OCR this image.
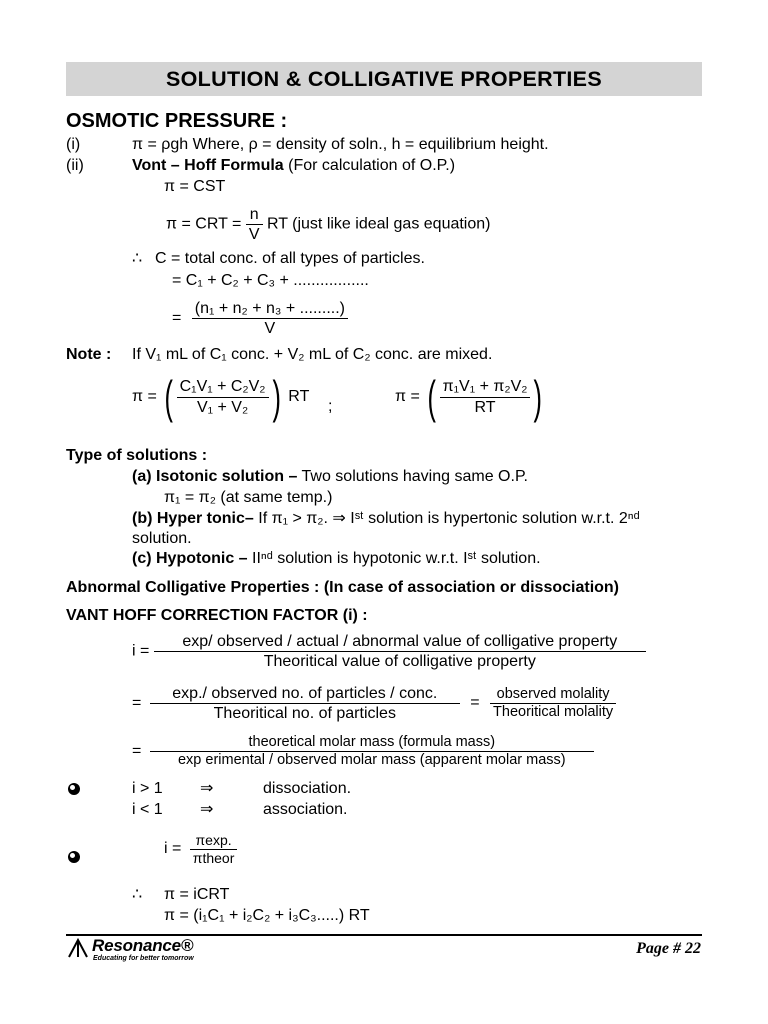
SOLUTION & COLLIGATIVE PROPERTIES
OSMOTIC PRESSURE :
(i)	π = ρgh Where, ρ = density of soln., h = equilibrium height.
(ii)	Vont – Hoff Formula (For calculation of O.P.)
π = CST
π = CRT = $\frac{n}{V}$ RT (just like ideal gas equation)
∴ C = total conc. of all types of particles.
= C₁ + C₂ + C₃ + .................
= $\frac{\text{(n₁ + n₂ + n₃ + .........)}}{V}$
Note : If V₁ mL of C₁ conc. + V₂ mL of C₂ conc. are mixed.
π = ( $\frac{\text{C₁V₁ + C₂V₂}}{\text{V₁ + V₂}}$ ) RT
;
π = ( $\frac{\text{π₁V₁ + π₂V₂}}{RT}$ )
Type of solutions :
(a) Isotonic solution – Two solutions having same O.P.
π₁ = π₂ (at same temp.)
(b) Hyper tonic– If π₁ > π₂. ⇒ Iˢᵗ solution is hypertonic solution w.r.t. 2ⁿᵈ
solution.
(c) Hypotonic – IIⁿᵈ solution is hypotonic w.r.t. Iˢᵗ solution.
Abnormal Colligative Properties : (In case of association or dissociation)
VANT HOFF CORRECTION FACTOR (i) :
i =
exp/ observed / actual / abnormal value of colligative property
Theoritical value of colligative property
= $\frac{\text{exp./ observed no. of particles / conc.}}{\text{Theoritical no. of particles}} = \frac{\text{observed molality}}{\text{Theoritical molality}}$
= $\frac{\text{theoretical molar mass (formula mass)}}{\text{exp erimental / observed molar mass (apparent molar mass)}}$
i > 1 ⇒	dissociation.
i < 1 ⇒	association.
$i = \frac{\pi\exp.}{\text{πtheor}}$
∴ π = iCRT
π = (i₁C₁ + i₂C₂ + i₃C₃.....) RT
Resonance®
Educating for better tomorrow
Page # 22
